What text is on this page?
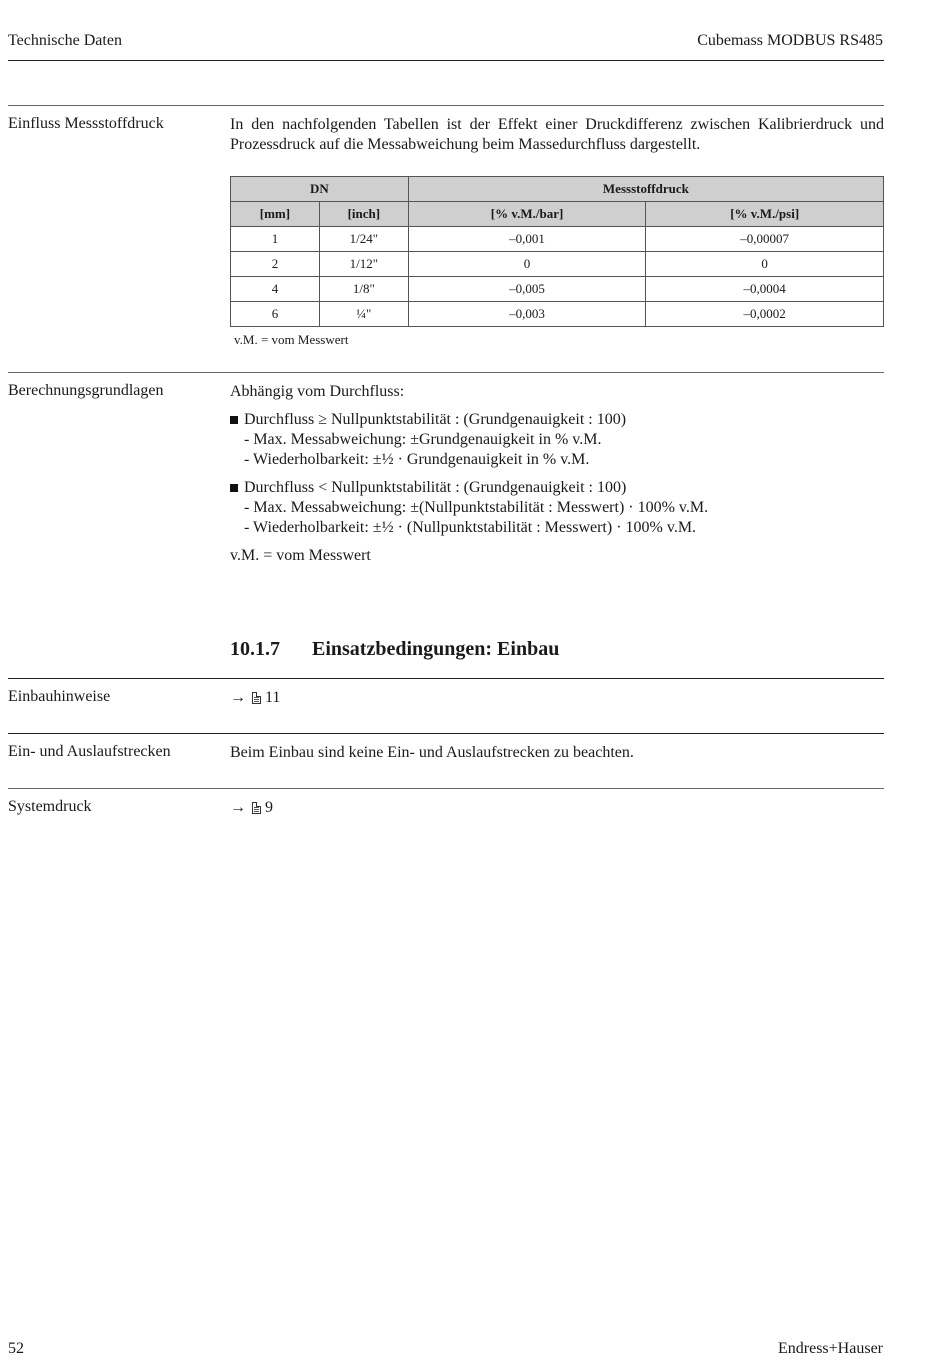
Technische Daten	Cubemass MODBUS RS485
Einfluss Messstoffdruck	In den nachfolgenden Tabellen ist der Effekt einer Druckdifferenz zwischen Kalibrierdruck und Prozessdruck auf die Messabweichung beim Massedurchfluss dargestellt.
DN		Messstoffdruck	
[mm]	[inch]	[% v.M./bar]	[% v.M./psi]
1	1/24"	–0,001	–0,00007
2	1/12"	0	0
4	1/8"	–0,005	–0,0004
6	¼"	–0,003	–0,0002
v.M. = vom Messwert
Berechnungsgrundlagen	Abhängig vom Durchfluss:
Durchfluss ≥ Nullpunktstabilität : (Grundgenauigkeit : 100)
- Max. Messabweichung: ±Grundgenauigkeit in % v.M.
- Wiederholbarkeit: ±½ · Grundgenauigkeit in % v.M.
Durchfluss < Nullpunktstabilität : (Grundgenauigkeit : 100)
- Max. Messabweichung: ±(Nullpunktstabilität : Messwert) · 100% v.M.
- Wiederholbarkeit: ±½ · (Nullpunktstabilität : Messwert) · 100% v.M.
v.M. = vom Messwert
10.1.7 Einsatzbedingungen: Einbau
Einbauhinweise	→ 11
Ein- und Auslaufstrecken	Beim Einbau sind keine Ein- und Auslaufstrecken zu beachten.
Systemdruck	→ 9
52	Endress+Hauser
